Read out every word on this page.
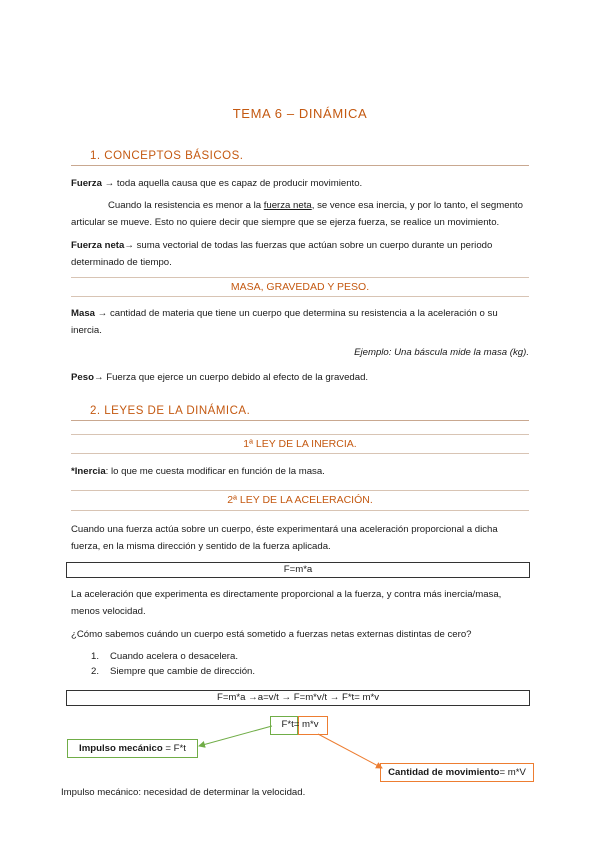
TEMA 6 – DINÁMICA
1. CONCEPTOS BÁSICOS.
Fuerza → toda aquella causa que es capaz de producir movimiento.
Cuando la resistencia es menor a la fuerza neta, se vence esa inercia, y por lo tanto, el segmento
articular se mueve. Esto no quiere decir que siempre que se ejerza fuerza, se realice un movimiento.
Fuerza neta→ suma vectorial de todas las fuerzas que actúan sobre un cuerpo durante un periodo
determinado de tiempo.
MASA, GRAVEDAD Y PESO.
Masa → cantidad de materia que tiene un cuerpo que determina su resistencia a la aceleración o su
inercia.
Ejemplo: Una báscula mide la masa (kg).
Peso→ Fuerza que ejerce un cuerpo debido al efecto de la gravedad.
2. LEYES DE LA DINÁMICA.
1ª LEY DE LA INERCIA.
*Inercia: lo que me cuesta modificar en función de la masa.
2ª LEY DE LA ACELERACIÓN.
Cuando una fuerza actúa sobre un cuerpo, éste experimentará una aceleración proporcional a dicha
fuerza, en la misma dirección y sentido de la fuerza aplicada.
F=m*a
La aceleración que experimenta es directamente proporcional a la fuerza, y contra más inercia/masa,
menos velocidad.
¿Cómo sabemos cuándo un cuerpo está sometido a fuerzas netas externas distintas de cero?
1. Cuando acelera o desacelera.
2. Siempre que cambie de dirección.
F=m*a →a=v/t → F=m*v/t → F*t= m*v
F*t= m*v
Impulso mecánico = F*t
Cantidad de movimiento= m*V
Impulso mecánico: necesidad de determinar la velocidad.
